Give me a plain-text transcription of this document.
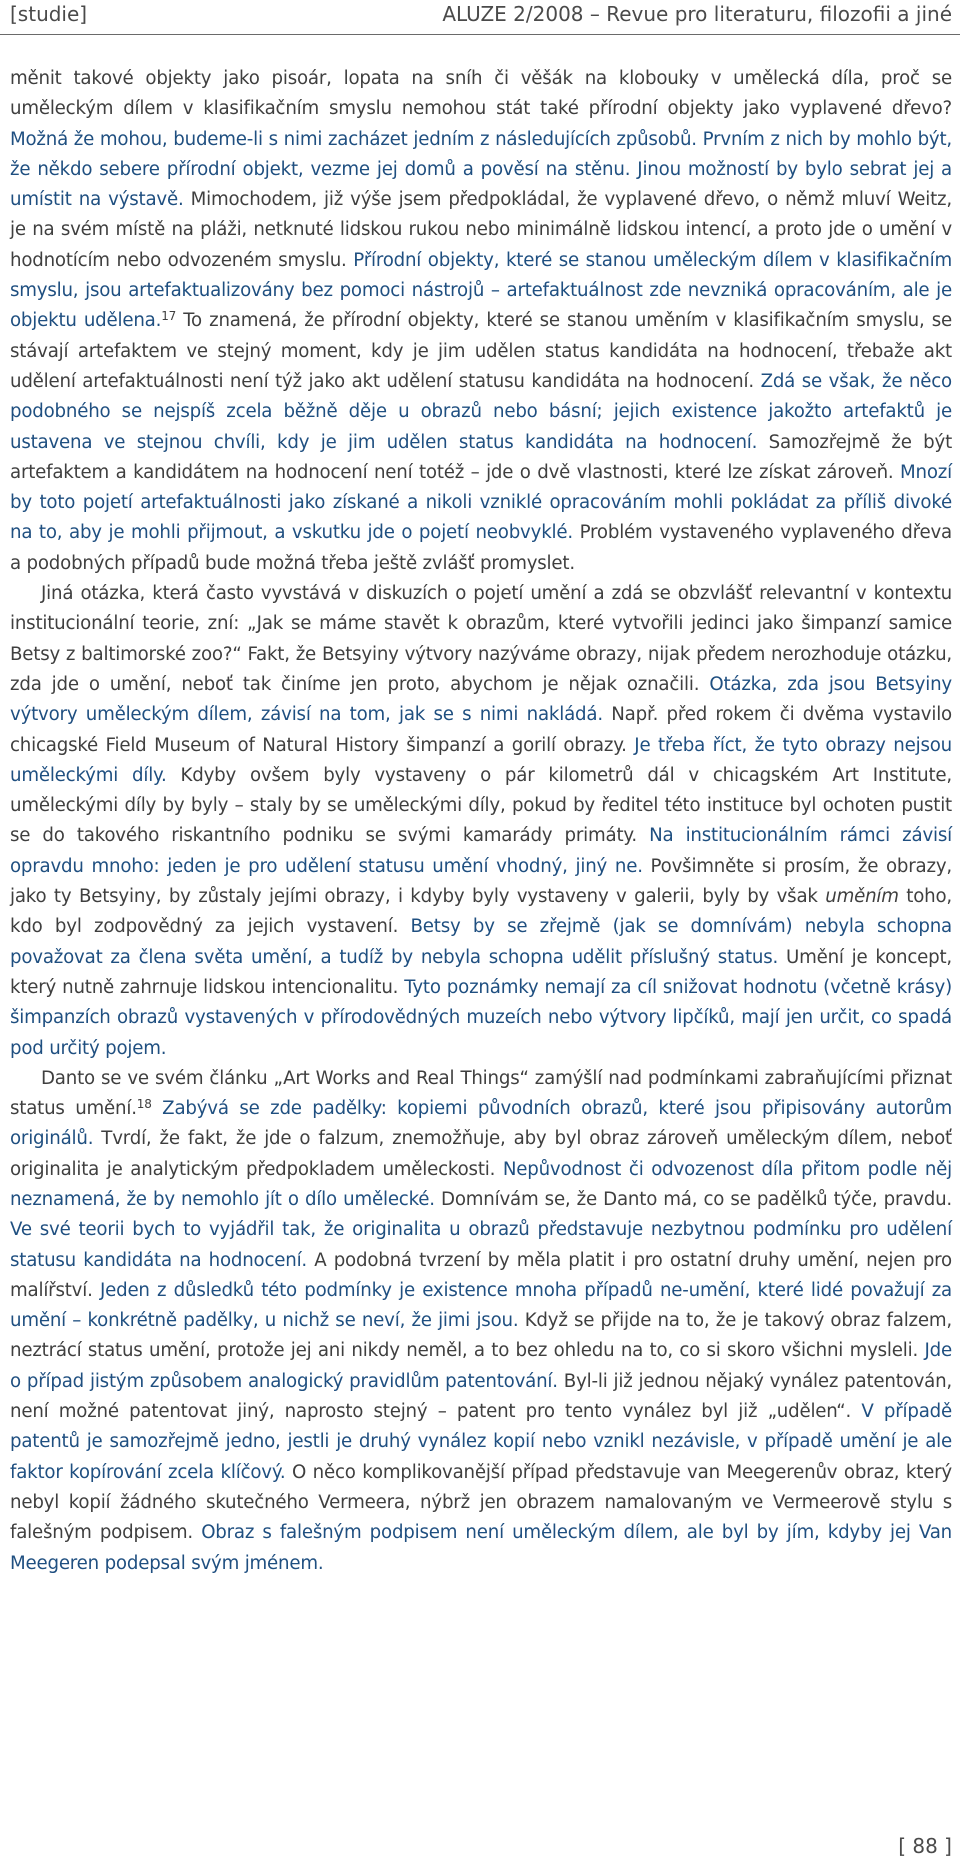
[studie]	ALUZE 2/2008 – Revue pro literaturu, filozofii a jiné

měnit takové objekty jako pisoár, lopata na sníh či věšák na klobouky v umělecká díla, proč se uměleckým dílem v klasifikačním smyslu nemohou stát také přírodní objekty jako vyplavené dřevo? Možná že mohou, budeme-li s nimi zacházet jedním z následujících způsobů. Prvním z nich by mohlo být, že někdo sebere přírodní objekt, vezme jej domů a pověsí na stěnu. Jinou možností by bylo sebrat jej a umístit na výstavě. Mimochodem, již výše jsem předpokládal, že vyplavené dřevo, o němž mluví Weitz, je na svém místě na pláži, netknuté lidskou rukou nebo minimálně lidskou intencí, a proto jde o umění v hodnotícím nebo odvozeném smyslu. Přírodní objekty, které se stanou uměleckým dílem v klasifikačním smyslu, jsou artefaktualizovány bez pomoci nástrojů – artefaktuálnost zde nevzniká opracováním, ale je objektu udělena.$^{17}$ To znamená, že přírodní objekty, které se stanou uměním v klasifikačním smyslu, se stávají artefaktem ve stejný moment, kdy je jim udělen status kandidáta na hodnocení, třebaže akt udělení artefaktuálnosti není týž jako akt udělení statusu kandidáta na hodnocení. Zdá se však, že něco podobného se nejspíš zcela běžně děje u obrazů nebo básní; jejich existence jakožto artefaktů je ustavena ve stejnou chvíli, kdy je jim udělen status kandidáta na hodnocení. Samozřejmě že být artefaktem a kandidátem na hodnocení není totéž – jde o dvě vlastnosti, které lze získat zároveň. Mnozí by toto pojetí artefaktuálnosti jako získané a nikoli vzniklé opracováním mohli pokládat za příliš divoké na to, aby je mohli přijmout, a vskutku jde o pojetí neobvyklé. Problém vystaveného vyplaveného dřeva a podobných případů bude možná třeba ještě zvlášť promyslet.

Jiná otázka, která často vyvstává v diskuzích o pojetí umění a zdá se obzvlášť relevantní v kontextu institucionální teorie, zní: „Jak se máme stavět k obrazům, které vytvořili jedinci jako šimpanzí samice Betsy z baltimorské zoo?“ Fakt, že Betsyiny výtvory nazýváme obrazy, nijak předem nerozhoduje otázku, zda jde o umění, neboť tak činíme jen proto, abychom je nějak označili. Otázka, zda jsou Betsyiny výtvory uměleckým dílem, závisí na tom, jak se s nimi nakládá. Např. před rokem či dvěma vystavilo chicagské Field Museum of Natural History šimpanzí a gorilí obrazy. Je třeba říct, že tyto obrazy nejsou uměleckými díly. Kdyby ovšem byly vystaveny o pár kilometrů dál v chicagském Art Institute, uměleckými díly by byly – staly by se uměleckými díly, pokud by ředitel této instituce byl ochoten pustit se do takového riskantního podniku se svými kamarády primáty. Na institucionálním rámci závisí opravdu mnoho: jeden je pro udělení statusu umění vhodný, jiný ne. Povšimněte si prosím, že obrazy, jako ty Betsyiny, by zůstaly jejími obrazy, i kdyby byly vystaveny v galerii, byly by však uměním toho, kdo byl zodpovědný za jejich vystavení. Betsy by se zřejmě (jak se domnívám) nebyla schopna považovat za člena světa umění, a tudíž by nebyla schopna udělit příslušný status. Umění je koncept, který nutně zahrnuje lidskou intencionalitu. Tyto poznámky nemají za cíl snižovat hodnotu (včetně krásy) šimpanzích obrazů vystavených v přírodovědných muzeích nebo výtvory lipčíků, mají jen určit, co spadá pod určitý pojem.

Danto se ve svém článku „Art Works and Real Things“ zamýšlí nad podmínkami zabraňujícími přiznat status umění.$^{18}$ Zabývá se zde padělky: kopiemi původních obrazů, které jsou připisovány autorům originálů. Tvrdí, že fakt, že jde o falzum, znemožňuje, aby byl obraz zároveň uměleckým dílem, neboť originalita je analytickým předpokladem uměleckosti. Nepůvodnost či odvozenost díla přitom podle něj neznamená, že by nemohlo jít o dílo umělecké. Domnívám se, že Danto má, co se padělků týče, pravdu. Ve své teorii bych to vyjádřil tak, že originalita u obrazů představuje nezbytnou podmínku pro udělení statusu kandidáta na hodnocení. A podobná tvrzení by měla platit i pro ostatní druhy umění, nejen pro malířství. Jeden z důsledků této podmínky je existence mnoha případů ne-umění, které lidé považují za umění – konkrétně padělky, u nichž se neví, že jimi jsou. Když se přijde na to, že je takový obraz falzem, neztrácí status umění, protože jej ani nikdy neměl, a to bez ohledu na to, co si skoro všichni mysleli. Jde o případ jistým způsobem analogický pravidlům patentování. Byl-li již jednou nějaký vynález patentován, není možné patentovat jiný, naprosto stejný – patent pro tento vynález byl již „udělen“. V případě patentů je samozřejmě jedno, jestli je druhý vynález kopií nebo vznikl nezávisle, v případě umění je ale faktor kopírování zcela klíčový. O něco komplikovanější případ představuje van Meegerenův obraz, který nebyl kopií žádného skutečného Vermeera, nýbrž jen obrazem namalovaným ve Vermeerově stylu s falešným podpisem. Obraz s falešným podpisem není uměleckým dílem, ale byl by jím, kdyby jej Van Meegeren podepsal svým jménem.

[ 88 ]
